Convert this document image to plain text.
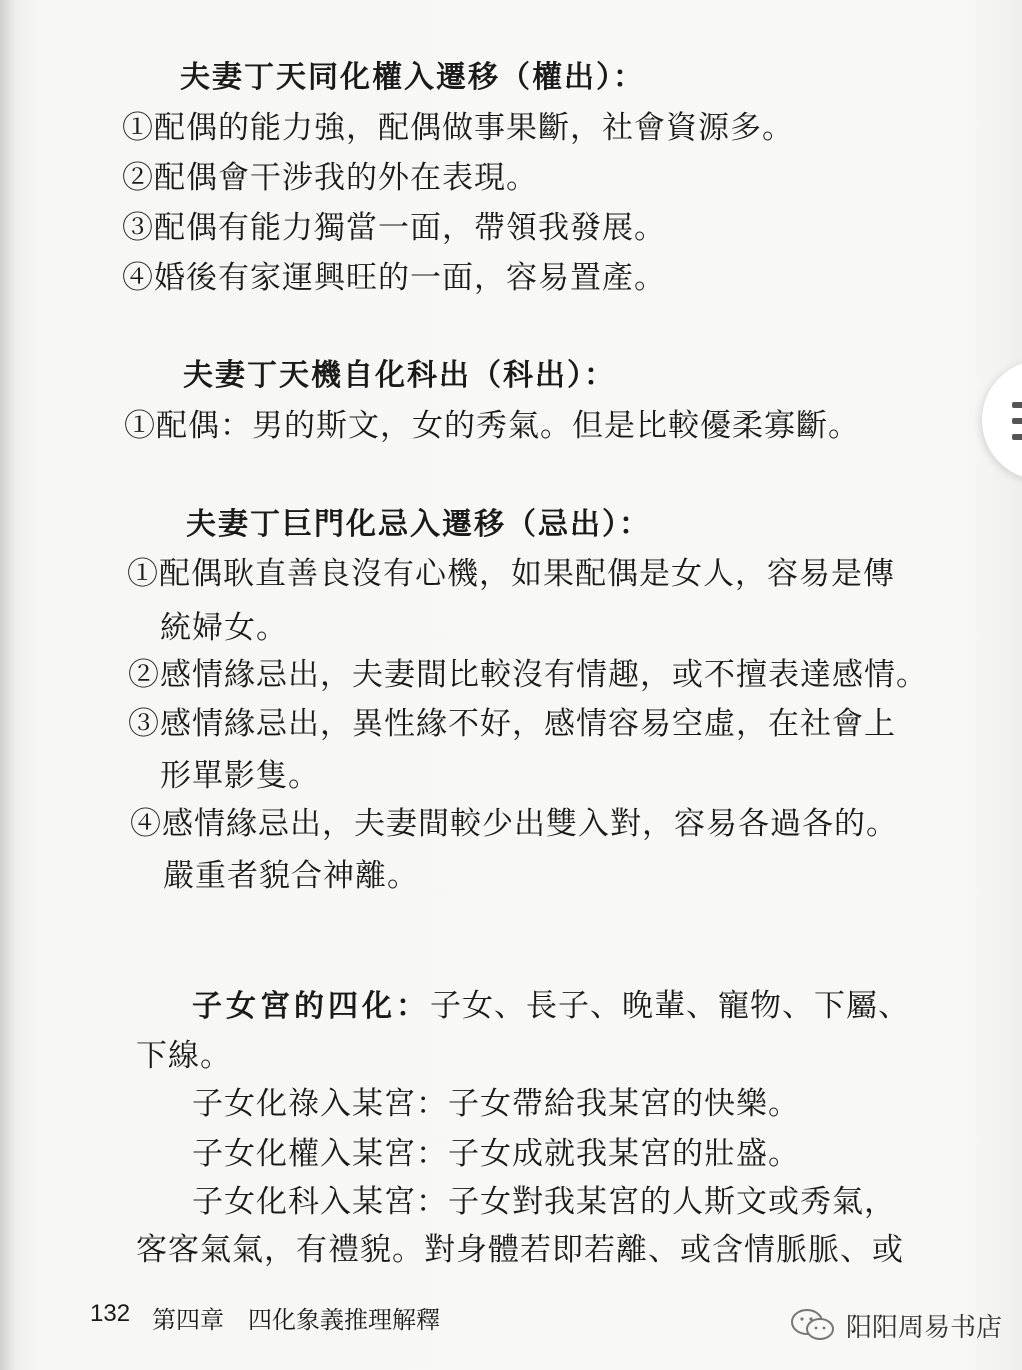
夫妻丁天同化權入遷移（權出）：
①配偶的能力強，配偶做事果斷，社會資源多。
②配偶會干涉我的外在表現。
③配偶有能力獨當一面，帶領我發展。
④婚後有家運興旺的一面，容易置產。
夫妻丁天機自化科出（科出）：
①配偶：男的斯文，女的秀氣。但是比較優柔寡斷。
夫妻丁巨門化忌入遷移（忌出）：
①配偶耿直善良沒有心機，如果配偶是女人，容易是傳
統婦女。
②感情緣忌出，夫妻間比較沒有情趣，或不擅表達感情。
③感情緣忌出，異性緣不好，感情容易空虛，在社會上
形單影隻。
④感情緣忌出，夫妻間較少出雙入對，容易各過各的。
嚴重者貌合神離。
子女宮的四化：子女、長子、晚輩、寵物、下屬、
下線。
子女化祿入某宮：子女帶給我某宮的快樂。
子女化權入某宮：子女成就我某宮的壯盛。
子女化科入某宮：子女對我某宮的人斯文或秀氣，
客客氣氣，有禮貌。對身體若即若離、或含情脈脈、或
132 第四章　四化象義推理解釋	阳阳周易书店
